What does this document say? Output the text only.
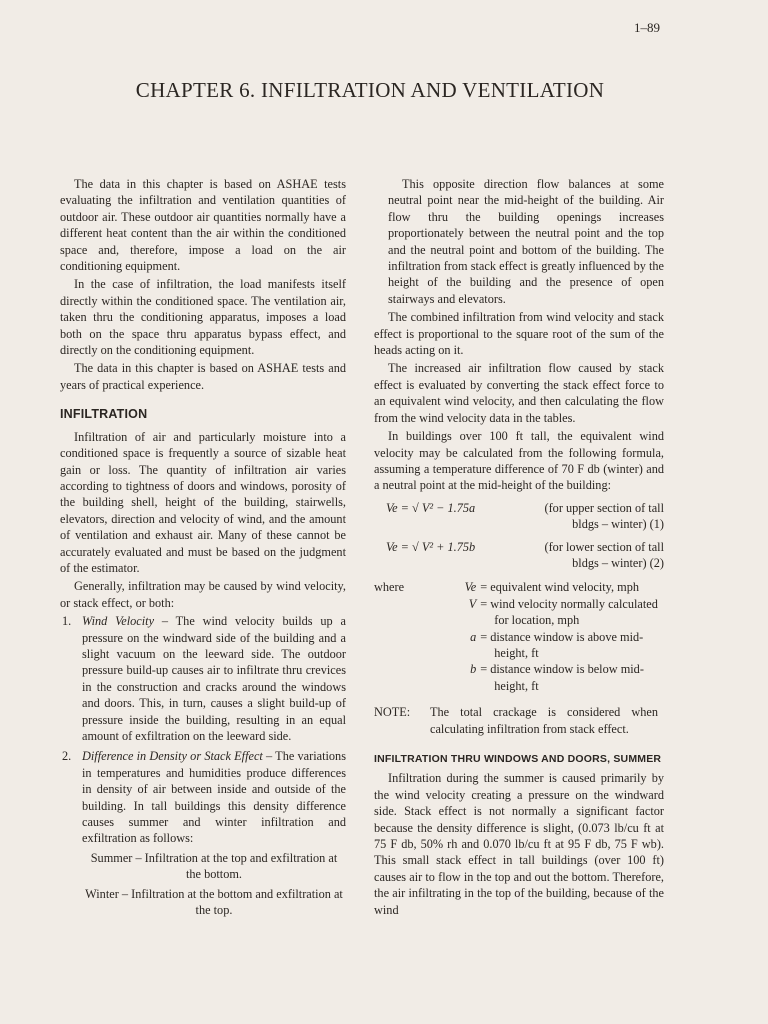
1–89
CHAPTER 6. INFILTRATION AND VENTILATION

The data in this chapter is based on ASHAE tests evaluating the infiltration and ventilation quantities of outdoor air. These outdoor air quantities normally have a different heat content than the air within the conditioned space and, therefore, impose a load on the air conditioning equipment.

In the case of infiltration, the load manifests itself directly within the conditioned space. The ventilation air, taken thru the conditioning apparatus, imposes a load both on the space thru apparatus bypass effect, and directly on the conditioning equipment.

The data in this chapter is based on ASHAE tests and years of practical experience.

INFILTRATION

Infiltration of air and particularly moisture into a conditioned space is frequently a source of sizable heat gain or loss. The quantity of infiltration air varies according to tightness of doors and windows, porosity of the building shell, height of the building, stairwells, elevators, direction and velocity of wind, and the amount of ventilation and exhaust air. Many of these cannot be accurately evaluated and must be based on the judgment of the estimator.

Generally, infiltration may be caused by wind velocity, or stack effect, or both:

1. Wind Velocity – The wind velocity builds up a pressure on the windward side of the building and a slight vacuum on the leeward side. The outdoor pressure build-up causes air to infiltrate thru crevices in the construction and cracks around the windows and doors. This, in turn, causes a slight build-up of pressure inside the building, resulting in an equal amount of exfiltration on the leeward side.
2. Difference in Density or Stack Effect – The variations in temperatures and humidities produce differences in density of air between inside and outside of the building. In tall buildings this density difference causes summer and winter infiltration and exfiltration as follows:
Summer – Infiltration at the top and exfiltration at the bottom.
Winter – Infiltration at the bottom and exfiltration at the top.

This opposite direction flow balances at some neutral point near the mid-height of the building. Air flow thru the building openings increases proportionately between the neutral point and the top and the neutral point and bottom of the building. The infiltration from stack effect is greatly influenced by the height of the building and the presence of open stairways and elevators.

The combined infiltration from wind velocity and stack effect is proportional to the square root of the sum of the heads acting on it.

The increased air infiltration flow caused by stack effect is evaluated by converting the stack effect force to an equivalent wind velocity, and then calculating the flow from the wind velocity data in the tables.

In buildings over 100 ft tall, the equivalent wind velocity may be calculated from the following formula, assuming a temperature difference of 70 F db (winter) and a neutral point at the mid-height of the building:

Ve = √ V² − 1.75a	(for upper section of tall bldgs – winter) (1)
Ve = √ V² + 1.75b	(for lower section of tall bldgs – winter) (2)
where	Ve = equivalent wind velocity, mph
V = wind velocity normally calculated for location, mph
a = distance window is above mid-height, ft
b = distance window is below mid-height, ft
NOTE:	The total crackage is considered when calculating infiltration from stack effect.
INFILTRATION THRU WINDOWS AND DOORS, SUMMER

Infiltration during the summer is caused primarily by the wind velocity creating a pressure on the windward side. Stack effect is not normally a significant factor because the density difference is slight, (0.073 lb/cu ft at 75 F db, 50% rh and 0.070 lb/cu ft at 95 F db, 75 F wb). This small stack effect in tall buildings (over 100 ft) causes air to flow in the top and out the bottom. Therefore, the air infiltrating in the top of the building, because of the wind
